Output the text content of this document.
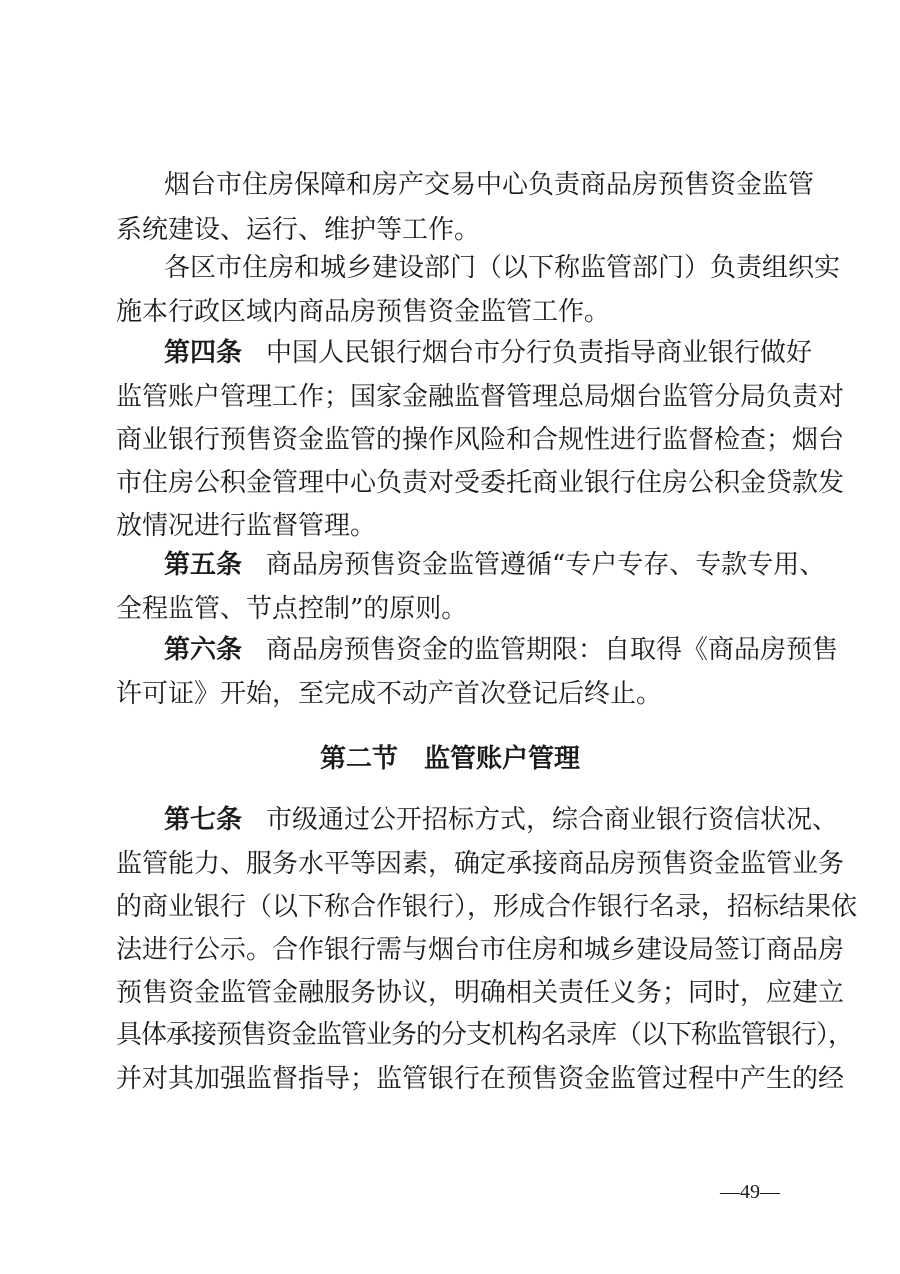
烟台市住房保障和房产交易中心负责商品房预售资金监管
系统建设、运行、维护等工作。
各区市住房和城乡建设部门（以下称监管部门）负责组织实
施本行政区域内商品房预售资金监管工作。
第四条 中国人民银行烟台市分行负责指导商业银行做好
监管账户管理工作；国家金融监督管理总局烟台监管分局负责对
商业银行预售资金监管的操作风险和合规性进行监督检查；烟台
市住房公积金管理中心负责对受委托商业银行住房公积金贷款发
放情况进行监督管理。
第五条 商品房预售资金监管遵循“专户专存、专款专用、
全程监管、节点控制”的原则。
第六条 商品房预售资金的监管期限：自取得《商品房预售
许可证》开始，至完成不动产首次登记后终止。
第二节　监管账户管理
第七条 市级通过公开招标方式，综合商业银行资信状况、
监管能力、服务水平等因素，确定承接商品房预售资金监管业务
的商业银行（以下称合作银行），形成合作银行名录，招标结果依
法进行公示。合作银行需与烟台市住房和城乡建设局签订商品房
预售资金监管金融服务协议，明确相关责任义务；同时，应建立
具体承接预售资金监管业务的分支机构名录库（以下称监管银行），
并对其加强监督指导；监管银行在预售资金监管过程中产生的经
—49—
